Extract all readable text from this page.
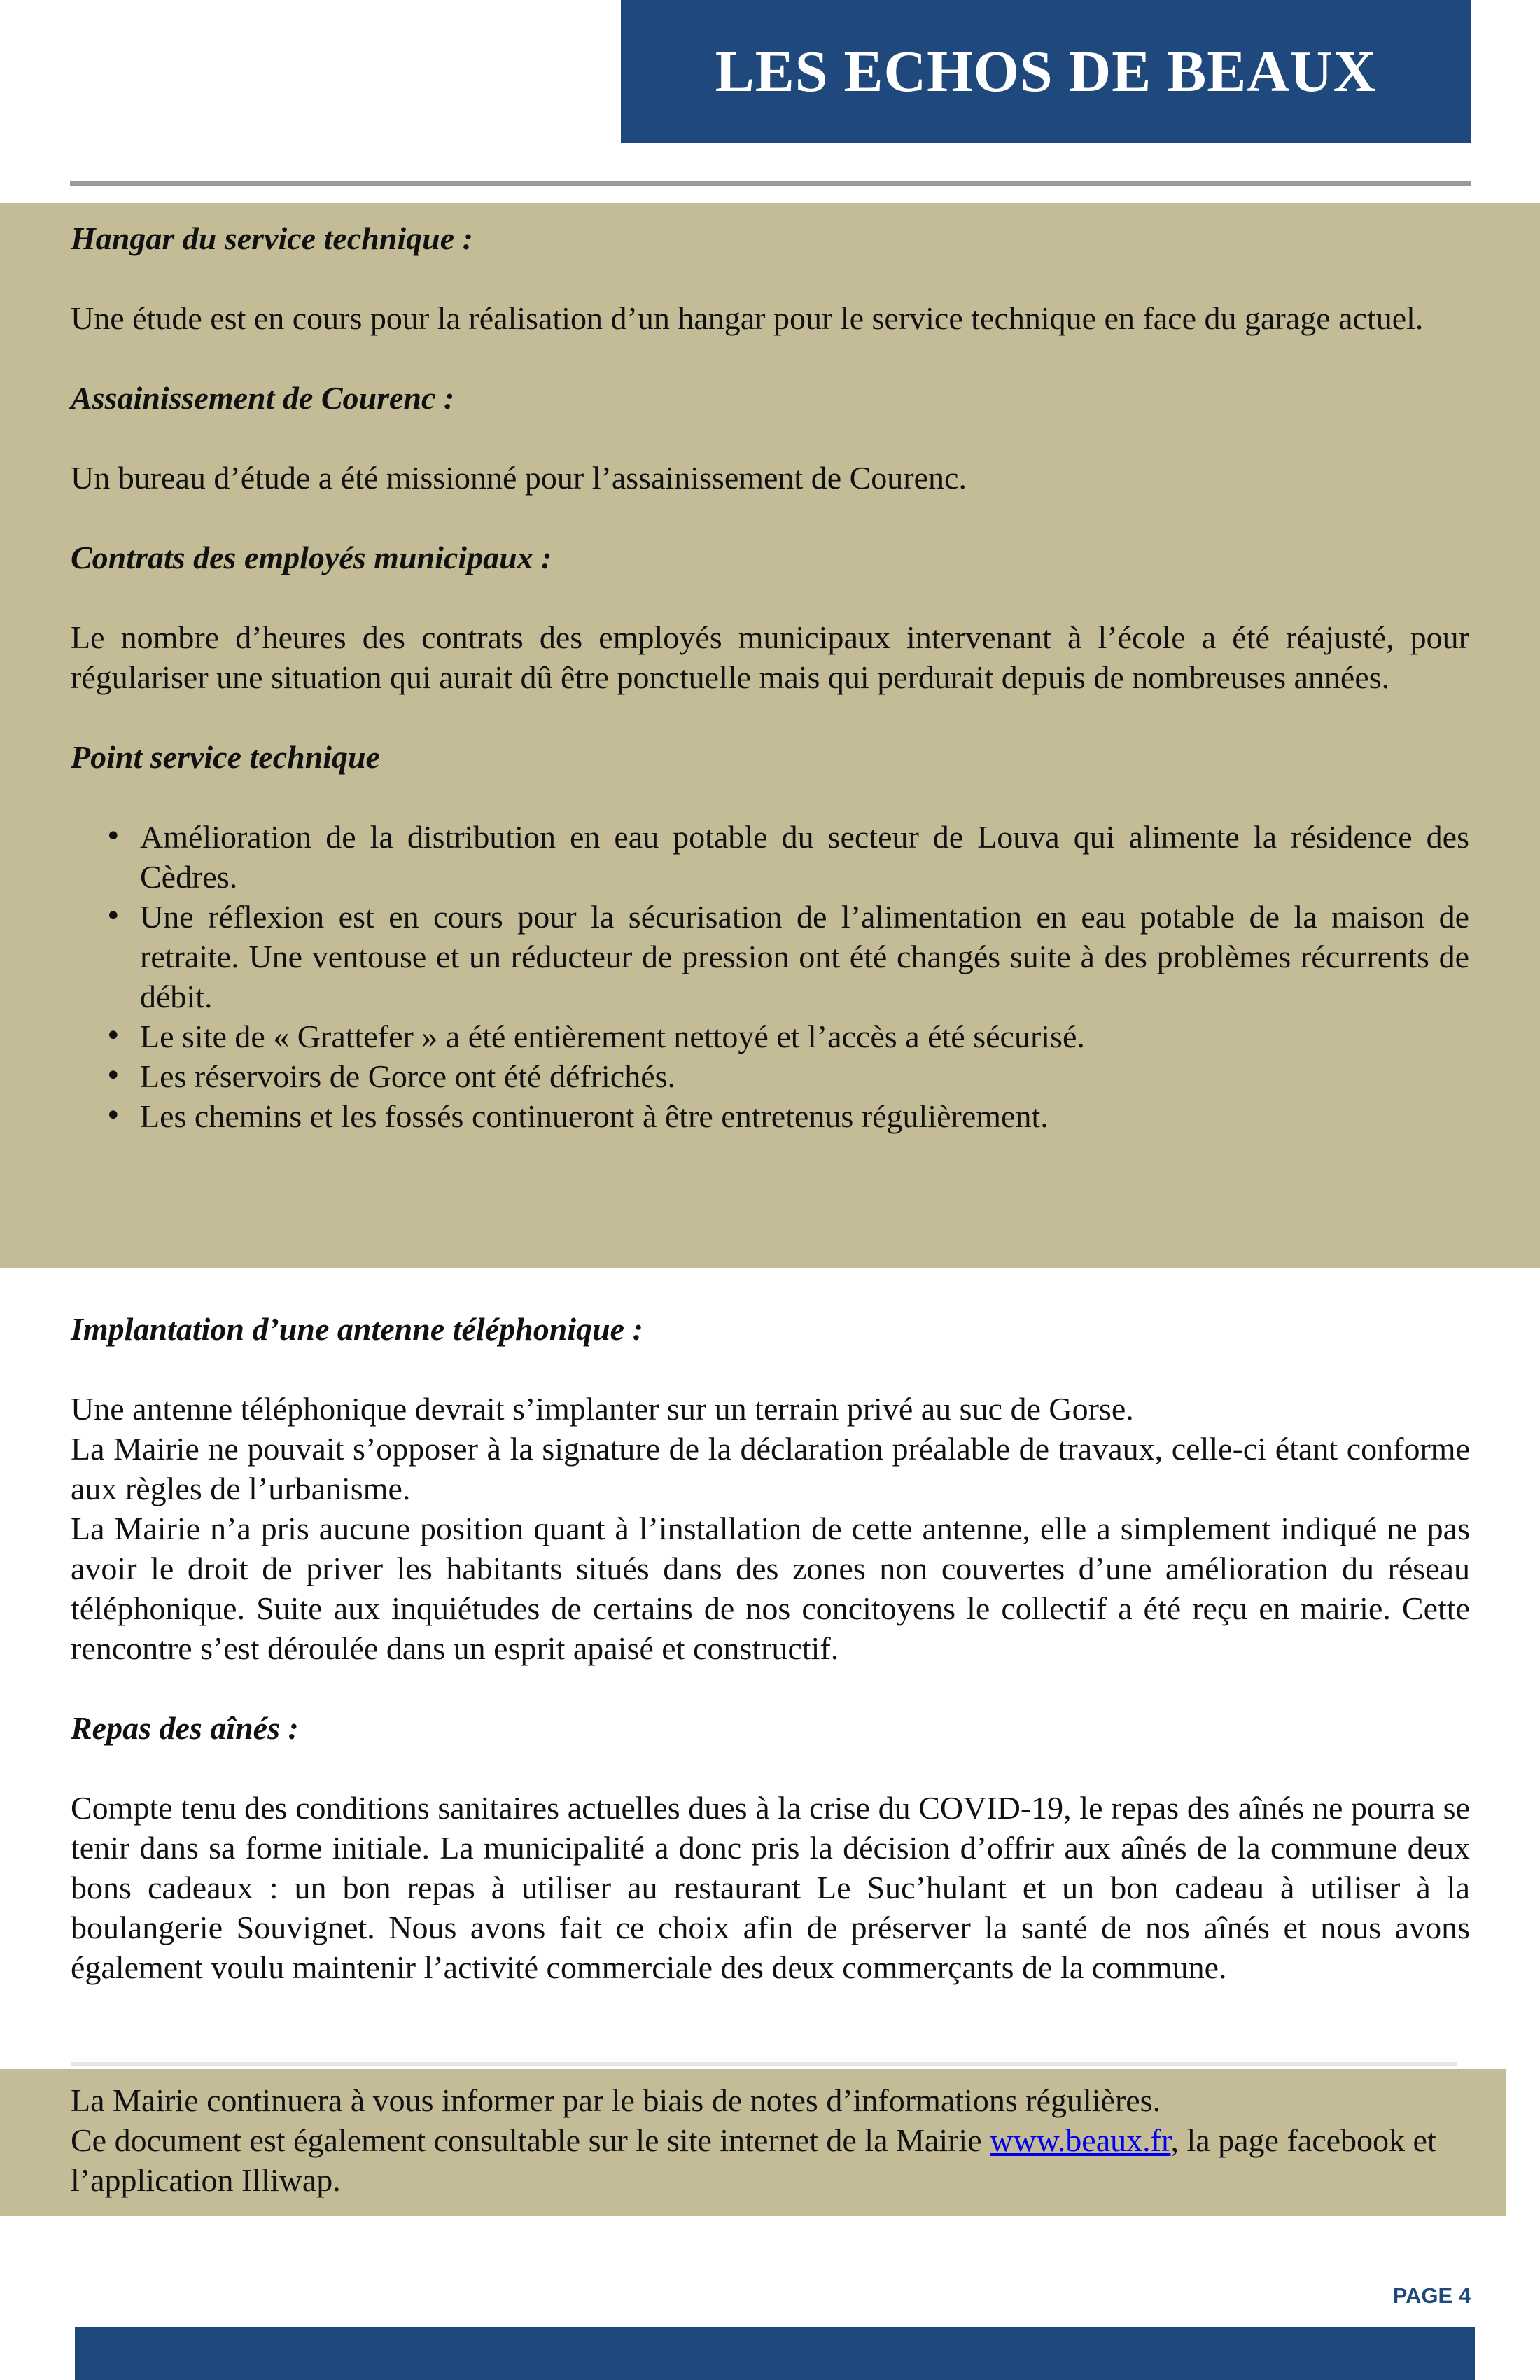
LES ECHOS DE BEAUX

Hangar du service technique :

Une étude est en cours pour la réalisation d’un hangar pour le service technique en face du garage actuel.

Assainissement de Courenc :

Un bureau d’étude a été missionné pour l’assainissement de Courenc.

Contrats des employés municipaux :

Le nombre d’heures des contrats des employés municipaux intervenant à l’école a été réajusté, pour régulariser une situation qui aurait dû être ponctuelle mais qui perdurait depuis de nombreuses années.

Point service technique

• Amélioration de la distribution en eau potable du secteur de Louva qui alimente la résidence des Cèdres.
• Une réflexion est en cours pour la sécurisation de l’alimentation en eau potable de la maison de retraite. Une ventouse et un réducteur de pression ont été changés suite à des problèmes récurrents de débit.
• Le site de « Grattefer » a été entièrement nettoyé et l’accès a été sécurisé.
• Les réservoirs de Gorce ont été défrichés.
• Les chemins et les fossés continueront à être entretenus régulièrement.

Implantation d’une antenne téléphonique :

Une antenne téléphonique devrait s’implanter sur un terrain privé au suc de Gorse.

La Mairie ne pouvait s’opposer à la signature de la déclaration préalable de travaux, celle-ci étant conforme aux règles de l’urbanisme.

La Mairie n’a pris aucune position quant à l’installation de cette antenne, elle a simplement indiqué ne pas avoir le droit de priver les habitants situés dans des zones non couvertes d’une amélioration du réseau téléphonique. Suite aux inquiétudes de certains de nos concitoyens le collectif a été reçu en mairie. Cette rencontre s’est déroulée dans un esprit apaisé et constructif.

Repas des aînés :

Compte tenu des conditions sanitaires actuelles dues à la crise du COVID-19, le repas des aînés ne pourra se tenir dans sa forme initiale. La municipalité a donc pris la décision d’offrir aux aînés de la commune deux bons cadeaux : un bon repas à utiliser au restaurant Le Suc’hulant et un bon cadeau à utiliser à la boulangerie Souvignet. Nous avons fait ce choix afin de préserver la santé de nos aînés et nous avons également voulu maintenir l’activité commerciale des deux commerçants de la commune.

La Mairie continuera à vous informer par le biais de notes d’informations régulières.

Ce document est également consultable sur le site internet de la Mairie www.beaux.fr, la page facebook et l’application Illiwap.

PAGE 4
